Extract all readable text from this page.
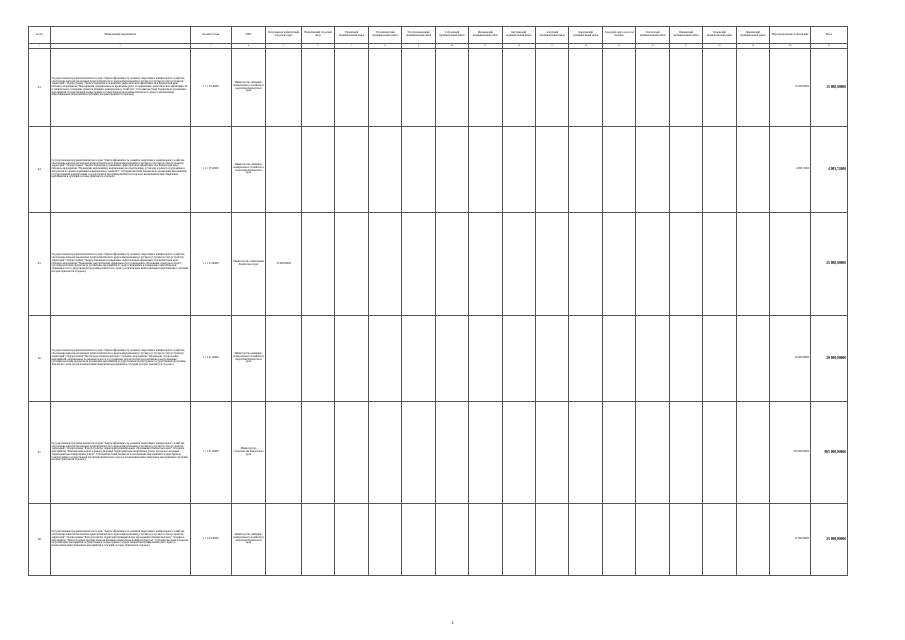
№ п/п	Наименование мероприятия	Целевая статья	ГРБС	Петропавловск-Камчатский городской округ	Вилючинский городской округ	Елизовский муниципальный район	Усть-Камчатский муниципальный район	Усть-Большерецкий муниципальный район	Соболевский муниципальный район	Мильковский муниципальный район	Быстринский муниципальный район	Алеутский муниципальный район	Карагинский муниципальный район	Городской округ «поселок Палана»	Олюторский муниципальный район	Пенжинский муниципальный район	Тигильский муниципальный район	Пенжинский муниципальный район	Нераспределенные ассигнования	Всего
1	2	3	4	5	6	7	8	9	10	11	12	13	14	15	16	17	18	19	20	21
23	Государственная программа Камчатского края "Энергоэффективность, развитие энергетики и коммунального хозяйства, обеспечение жителей населенных пунктов Камчатского края коммунальными услугами и услугами по благоустройству территорий". Подпрограмма "Энергосбережение и повышение энергетической эффективности в Камчатском крае". Основное мероприятие "Мероприятия, направленные на проведение работ по повышению энергетической эффективности и техническому оснащению объектов жилищно-коммунального хозяйства". Субсидии местным бюджетам на реализацию мероприятий государственной подпрограммы государственной программы Камчатского края (за исключением инвестиционных мероприятий и субсидий, которые признаются отдельно)	1 1 1 04 40000	Министерство жилищно-коммунального хозяйства и энергетики Камчатского края																15 000,00000	15 000,00000
24	Государственная программа Камчатского края "Энергоэффективность, развитие энергетики и коммунального хозяйства, обеспечение жителей населенных пунктов Камчатского края коммунальными услугами и услугами по благоустройству территорий". Подпрограмма "Энергосбережение и повышение энергетической эффективности в Камчатском крае". Основное мероприятие "Проведение мероприятий, направленных на приобретение, установку и ремонт оборудования и материалов на объектах жилищно-коммунального хозяйства". Субсидии местным бюджетам на реализацию мероприятий государственной подпрограммы государственной программы Камчатского края (за исключением инвестиционных мероприятий и субсидий, которые признаются отдельно)	1 1 1 07 40000	Министерство жилищно-коммунального хозяйства и энергетики Камчатского края																4 083,72000	4 083,72000
25	Государственная программа Камчатского края "Энергоэффективность, развитие энергетики и коммунального хозяйства, обеспечение жителей населенных пунктов Камчатского края коммунальными услугами и услугами по благоустройству территорий". Подпрограмма "Энергосбережение и повышение энергетической эффективности в Камчатском крае". Основное мероприятие "Повышение энергетической эффективности в учреждениях образования, культуры и спорта". Субсидии местным бюджетам на реализацию мероприятий по энергосбережению и повышению энергетической эффективности государственной программы Камчатского края (за исключением инвестиционных мероприятий и субсидий, которые признаются отдельно)	1 1 1 25 40000	Министерство образования Камчатского края	25 000,00000																25 000,00000
26	Государственная программа Камчатского края "Энергоэффективность, развитие энергетики и коммунального хозяйства, обеспечение жителей населенных пунктов Камчатского края коммунальными услугами и услугами по благоустройству территорий". Подпрограмма "Чистая вода в Камчатском крае". Основное мероприятие "Проведение строительных мероприятий, направленных на решение вопроса по улучшению работы систем водоснабжения и водоотведения". Субсидии местным бюджетам на реализацию мероприятий государственной подпрограммы государственной программы Камчатского края (за исключением инвестиционных мероприятий и субсидий, которые признаются отдельно)	1 1 2 01 40000	Министерство жилищно-коммунального хозяйства и энергетики Камчатского края																20 000,00000	20 000,00000
27	Государственная программа Камчатского края "Энергоэффективность, развитие энергетики и коммунального хозяйства, обеспечение жителей населенных пунктов Камчатского края коммунальными услугами и услугами по благоустройству территорий". Подпрограмма "Благоустройство территорий муниципальных образований в Камчатском крае". Основное мероприятие "Комплексный ремонт и ремонт дворовых территорий многоквартирных домов, проездов к дворовым территориям многоквартирных домов". Субсидии местным бюджетам на реализацию мероприятий государственной подпрограммы государственной программы Камчатского края (за исключением инвестиционных мероприятий и субсидий, которые признаются отдельно)	1 1 5 01 40000	Министерство строительства Камчатского края																905 000,00000	905 000,00000
28	Государственная программа Камчатского края "Энергоэффективность, развитие энергетики и коммунального хозяйства, обеспечение жителей населенных пунктов Камчатского края коммунальными услугами и услугами по благоустройству территорий". Подпрограмма "Благоустройство территорий муниципальных образований в Камчатском крае". Основное мероприятие "Ремонт и реконструкция объектов жилищно-коммунальной инфраструктуры". Субсидии местным бюджетам на реализацию мероприятий государственной подпрограммы государственной программы Камчатского края (за исключением инвестиционных мероприятий и субсидий, которые признаются отдельно)	1 1 2 04 40000	Министерство жилищно-коммунального хозяйства и энергетики Камчатского края																25 000,00000	25 000,00000
4
